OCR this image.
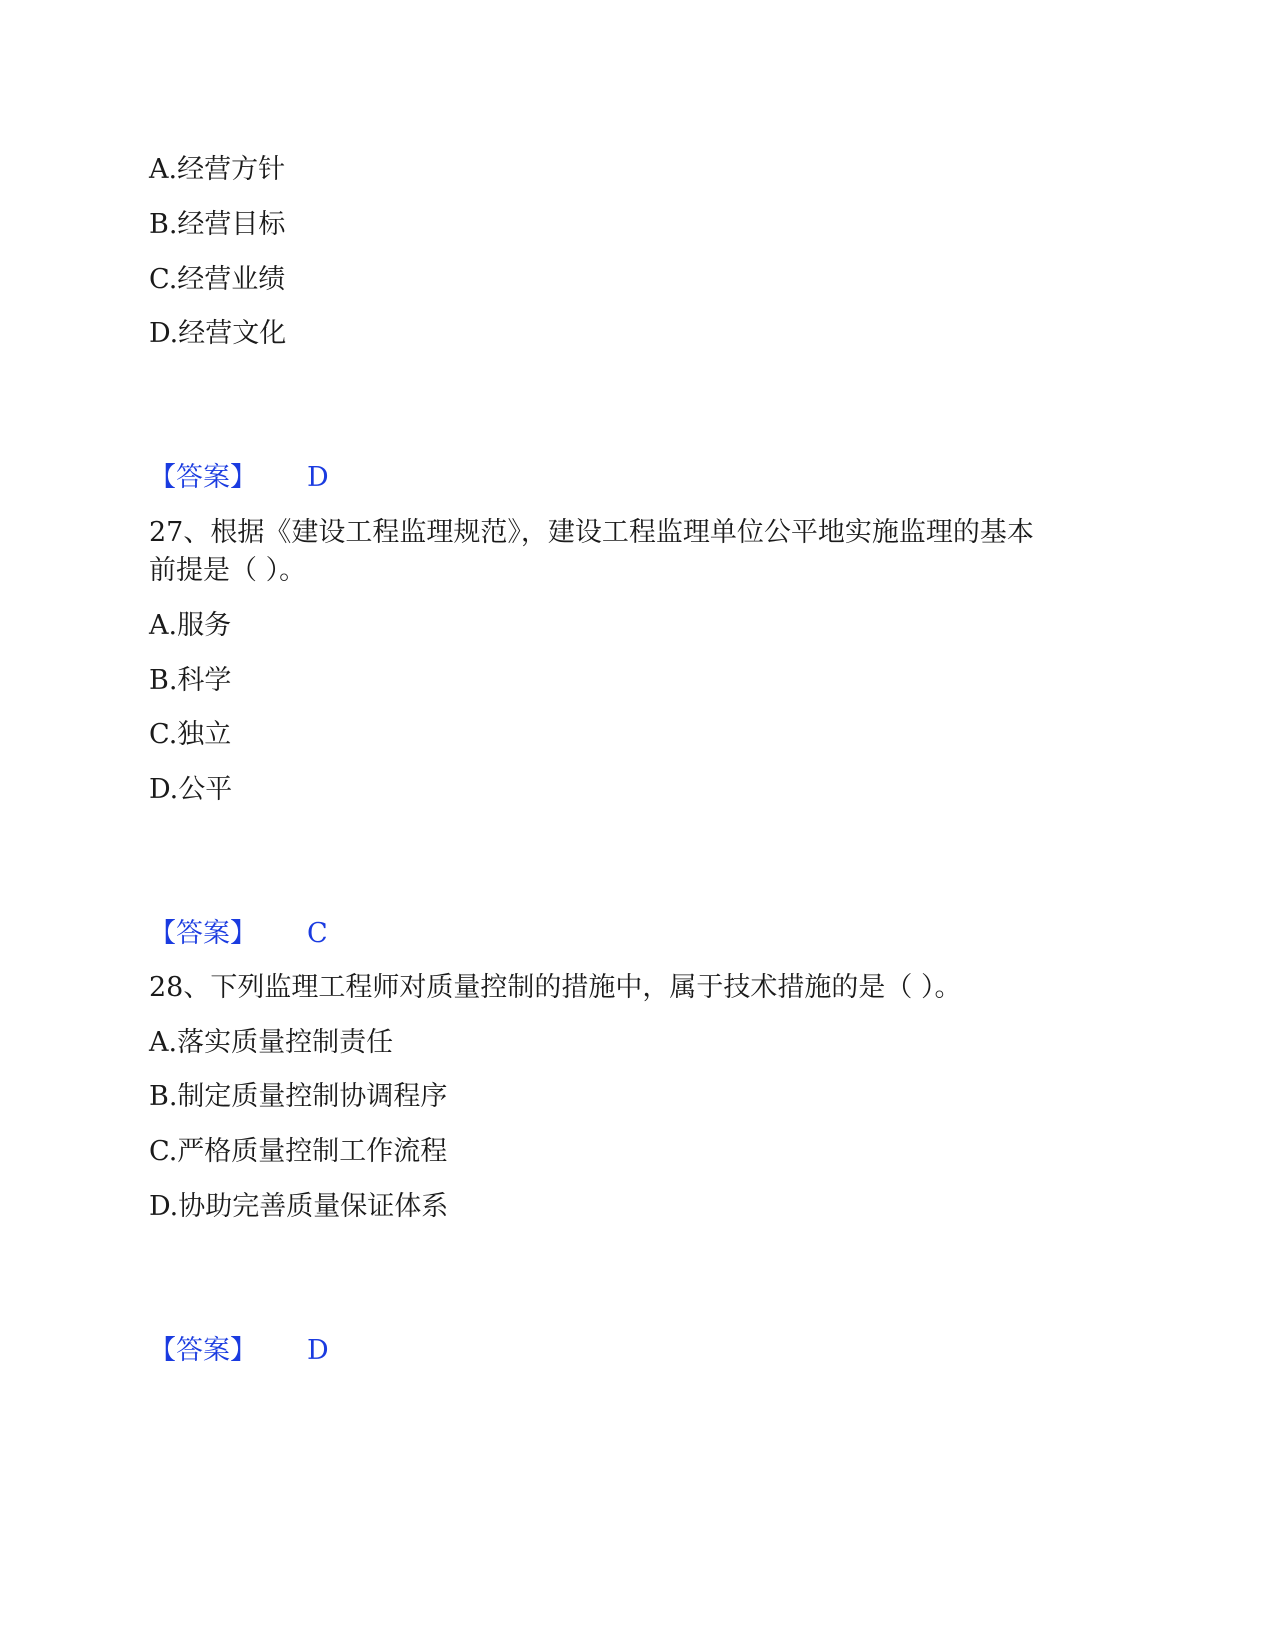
A.经营方针
B.经营目标
C.经营业绩
D.经营文化
【答案】 D
27、根据《建设工程监理规范》，建设工程监理单位公平地实施监理的基本
前提是（ ）。
A.服务
B.科学
C.独立
D.公平
【答案】 C
28、下列监理工程师对质量控制的措施中，属于技术措施的是（ ）。
A.落实质量控制责任
B.制定质量控制协调程序
C.严格质量控制工作流程
D.协助完善质量保证体系
【答案】 D
